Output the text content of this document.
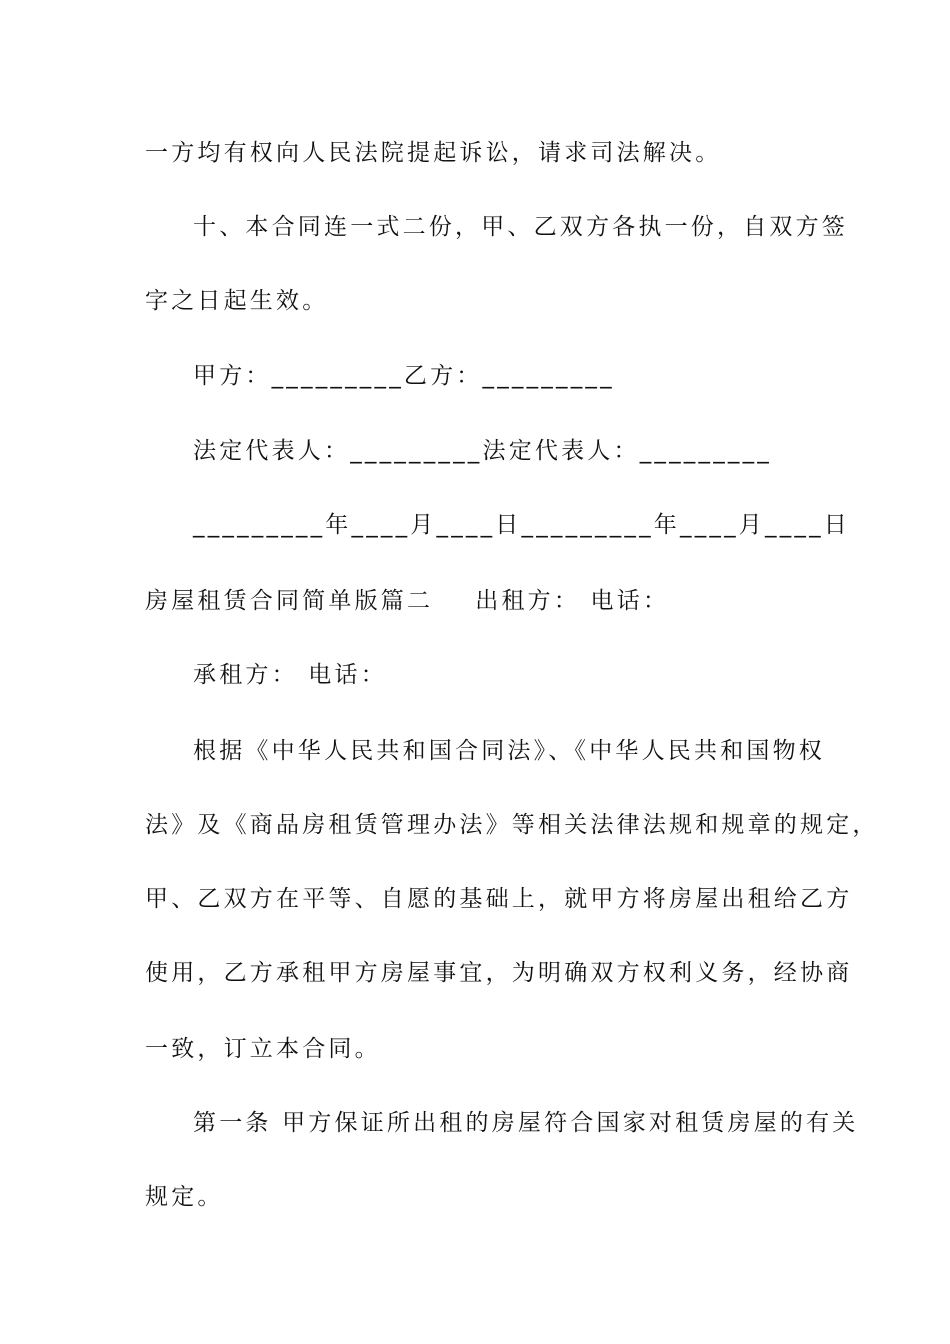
一方均有权向人民法院提起诉讼，请求司法解决。
十、本合同连一式二份，甲、乙双方各执一份，自双方签
字之日起生效。
甲方：_________乙方：_________
法定代表人：_________法定代表人：_________
_________年____月____日_________年____月____日
房屋租赁合同简单版篇二    出租方： 电话：
承租方： 电话：
根据《中华人民共和国合同法》、《中华人民共和国物权
法》及《商品房租赁管理办法》等相关法律法规和规章的规定，
甲、乙双方在平等、自愿的基础上，就甲方将房屋出租给乙方
使用，乙方承租甲方房屋事宜，为明确双方权利义务，经协商
一致，订立本合同。
第一条 甲方保证所出租的房屋符合国家对租赁房屋的有关
规定。
